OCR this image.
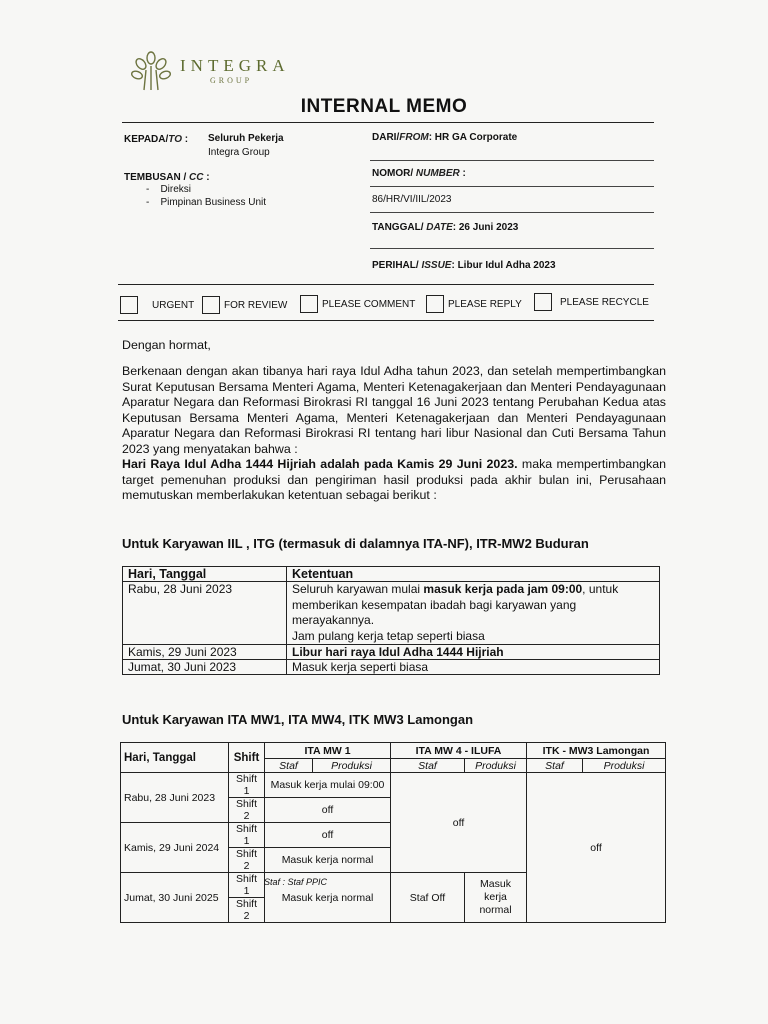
INTEGRA
GROUP
INTERNAL MEMO
KEPADA/TO : Seluruh Pekerja
Integra Group
DARI/FROM: HR GA Corporate
TEMBUSAN / CC :
-    Direksi
-    Pimpinan Business Unit
NOMOR/ NUMBER :
86/HR/VI/IIL/2023
TANGGAL/ DATE: 26 Juni 2023
PERIHAL/ ISSUE: Libur Idul Adha 2023
URGENT	FOR REVIEW	PLEASE COMMENT	PLEASE REPLY	PLEASE RECYCLE
Dengan hormat,
Berkenaan dengan akan tibanya hari raya Idul Adha tahun 2023, dan setelah mempertimbangkan Surat Keputusan Bersama Menteri Agama, Menteri Ketenagakerjaan dan Menteri Pendayagunaan Aparatur Negara dan Reformasi Birokrasi RI tanggal 16 Juni 2023 tentang Perubahan Kedua atas Keputusan Bersama Menteri Agama, Menteri Ketenagakerjaan dan Menteri Pendayagunaan Aparatur Negara dan Reformasi Birokrasi RI tentang hari libur Nasional dan Cuti Bersama Tahun 2023 yang menyatakan bahwa :
Hari Raya Idul Adha 1444 Hijriah adalah pada Kamis 29 Juni 2023. maka mempertimbangkan target pemenuhan produksi dan pengiriman hasil produksi pada akhir bulan ini, Perusahaan memutuskan memberlakukan ketentuan sebagai berikut :
Untuk Karyawan IIL , ITG (termasuk di dalamnya ITA-NF), ITR-MW2 Buduran
Hari, Tanggal	Ketentuan
Rabu, 28 Juni 2023	Seluruh karyawan mulai masuk kerja pada jam 09:00, untuk memberikan kesempatan ibadah bagi karyawan yang merayakannya.
Jam pulang kerja tetap seperti biasa
Kamis, 29 Juni 2023	Libur hari raya Idul Adha 1444 Hijriah
Jumat, 30 Juni 2023	Masuk kerja seperti biasa
Untuk Karyawan ITA MW1, ITA MW4, ITK MW3 Lamongan
Hari, Tanggal	Shift	ITA MW 1		ITA MW 4 - ILUFA		ITK - MW3 Lamongan	
		Staf	Produksi	Staf	Produksi	Staf	Produksi
Rabu, 28 Juni 2023	Shift 1	Masuk kerja mulai 09:00		off		off	
	Shift 2	off					
Kamis, 29 Juni 2024	Shift 1	off					
	Shift 2	Masuk kerja normal					
Jumat, 30 Juni 2025	Shift 1	Masuk kerja normal		Staf Off	Masuk kerja
normal		
	Shift 2						
Staf : Staf PPIC
